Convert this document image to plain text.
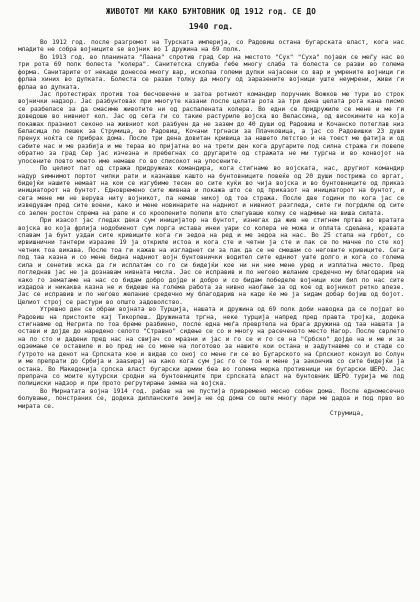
ЖИВОТОТ МИ КАКО БУНТОВНИК ОД 1912 год. СЕ ДО
1940 год.

Во 1912 год. после разгромот на Турската империја, со Радовиш остана бугарската власт, кога нас младите не собра војниците ѕе војник во I дружина на 69 полк.

Во 1913 год. во планината "Лаана" спротив град Сер на местото "Сух" "Суха" појави се меѓу нас во три рота 69 полк болеста "колера". Санитетска служба ѓебе многу слаба та болеста се разви во голема форма. Санитарите от некаде донесоа многу вар, ископаа големи дупки најасени со вар и умрените војници ги фрлаа хиних во дупката. Болеста се разви толку да многу од заразените војници уште неумрени, живи ги фрлаа во дупката.

Јас протестирах против тоа бесчовечне и затоа ротниот командир поручник Вожков ме тури во строк војнички надзор. Јас разбунтовах при многуте казани после целата рота за три дена целата рота кана писмо се разбеласе за да смасиме животите ни од распалената колера. Во едни се придружиле се мене и ме ги доведоше во нивниот кол. Јас од сега ги со такие растуриле војска во Велассина, од високините на која покажах празниот секоно на живниот кол разбуен да не зазем до 40 души од Радовиш и Кочанско потеглав низ Беласица по пешек за Струмица, во Радовиш, Кочани тргнаси за Плачковица, а јас со Радовишки 23 души пренух ноќта се прибрах дома. После три дена довитан кривица за нашето летство и на тоест ме фатија и од сабите нас и ме разбија и ме тераа во пријатна во на трети ден кога другарите под силна стража ги повеле обратно за град Сер јас изчезна и пребегнах со другарите од стражата не ми тургна и во конвојот на упосените повто моето име немаше го во списокот на упосените.

По целиот пат од стража придружиах командира, кога стигнаме во војската, нас, другиот командир надур ѕимнимот портот чипки рати и казнавше кашто на бунтовниците повеќе од 20 души пострижа со вргат, бидејќи нашите немаат на кои се изгубиме тесен во сите куќи во чија војска и во бунтовниците од приказ инициаторот на бунтот. Едновремено сите живнаа и покажа што се од приказот на инициаторот на бунтот, и сега мене ми не верува ниту војникот, па немав никој од тоа стража. После две години по кога јас се изведувам пред сите воени, како и мене новинарите на надниот и нивниот разгледа, сите ги погрдиле од сите со зелен ростон спрема на рапе и со кроолените полепи што слегуваше колку се надмиње на виша силата.

При изасот јас гледах дека сум иницијатор на бунтот, изнегах да жив не стигнем пртва во вратата војска во која фрлија нодобиенот сум лорга истава инеи уари со колера не можа и оплата сдељана, кравата спавам ја бунт уздаи сите кривиците кога ги зедоа на ред и ме зедоа на нас. Во 25 стапа на грбот, со ирвишнични тантери изразие 19 ја откриле истоа и кога сте и четни ја сте и пак се по мачне по сте кој четник тоа викава. После тоа ги кажав на изгладнет си за пак да се не смешам со неговите кривиците. Сега под таа казна и со мене бидна надниот војн бунтовнички водител сите едниот уште долго и кога со голема сила и сенетив иска да ги исплатам со го си бидејќи кое ни ни ние мене уред и изплатна место. Пред погледнав јас не ја дознавам нивната мисла. Јас се исправив и по негово желание средечно му благодарив на како го зематаме на нас со бидам добро дојде и добро и со бидам победеле војници кои бил по нас сите издадоа и никаква казна не и бидеше на голема работа за нивно наоѓање за од кое од војникот ретко влезе. Јас се исправив и по негово желание средечно му благодарив на каде ќе ме ја ѕидам добар бојиш од бојот. Целиот строј се растури во општо задоволство.

Утрешно ден се обраи војната во Турција, нашата и дружина од 69 полк доби наводка да се појдат во Радовиш на пристоите кај Тикорпеш. Дружината тргна, неке турција напред пред правта тројка, додека стигнавме од Негрита по тоа бреме разбиено, после една меѓа превртела на брага дружина од таа нашата ја остави и дојде до наредено селото "Стравно" сидење се со и многу на расеченото место Нагор. После сврлето на по сто и дадени пред нас на свијач со мразни и јас и го се и го се на "Србско" дојде на и ме и за одземање се оставиле и во пред не со мене на поготово за нашите кои остана и задутнавме со и стаде со ѓутрото на денот на Српската кое и видав со оној со мене ги се во Бугарското на Српскиот конзул во Солун и ме препрати до Србија и зааѕирај на како кога сум јас го се тоа и мене ја закончив со сите бидејќи ја остана. Во Македонија српска власт бугарски армии беа во голема мерка противници ни бугарски ШЕРО. Јас препрача со моите кутурски сродни на бунтовниците при српската власт на бунтовник ШЕРО турија ме под полициски надзор и при прото регрутирање земаа на војска.

Во Мирнатата војна 1914 год. рабав на не пустија привремено месно собен дома. После едномесечно болување, понстраних се, додека дипланските земја не од дома со оште многу пари ме дадоа и под прво во мирата се.

Струмица,
